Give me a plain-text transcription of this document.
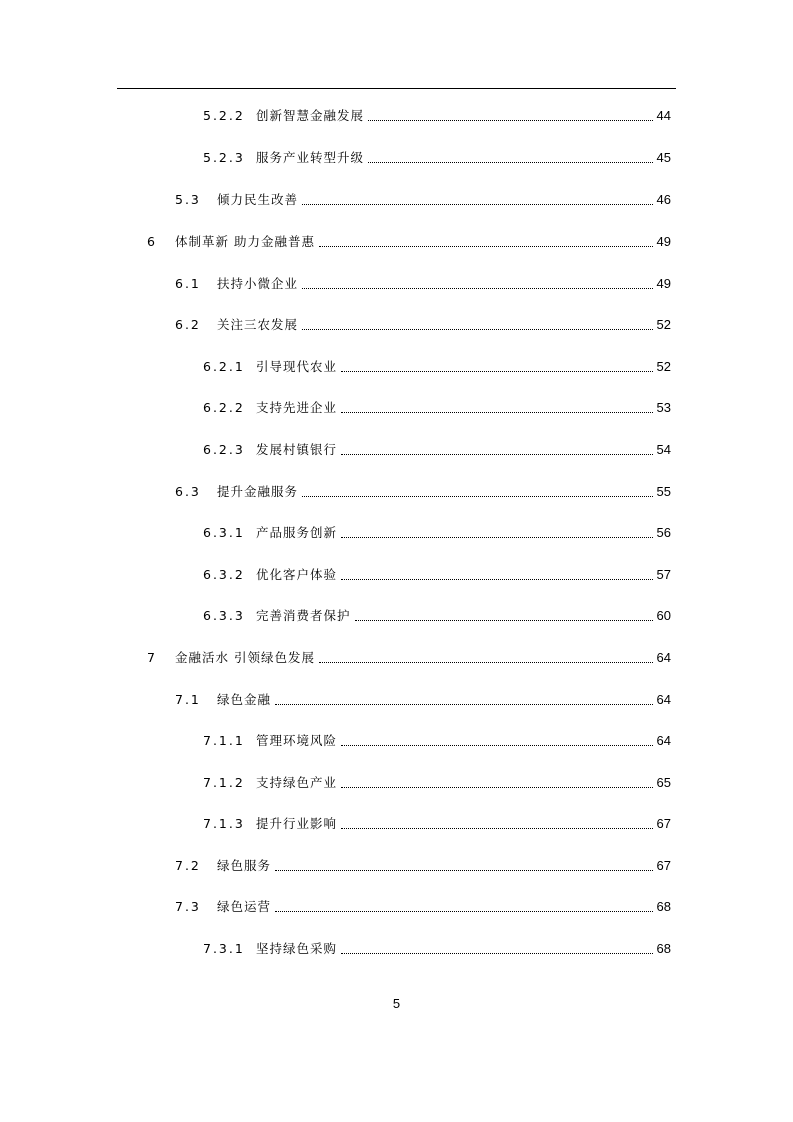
5.2.2 创新智慧金融发展	44
5.2.3 服务产业转型升级	45
5.3	倾力民生改善	46
6	体制革新 助力金融普惠	49
6.1	扶持小微企业	49
6.2	关注三农发展	52
6.2.1 引导现代农业	52
6.2.2 支持先进企业	53
6.2.3 发展村镇银行	54
6.3	提升金融服务	55
6.3.1 产品服务创新	56
6.3.2 优化客户体验	57
6.3.3 完善消费者保护	60
7	金融活水 引领绿色发展	64
7.1	绿色金融	64
7.1.1 管理环境风险	64
7.1.2 支持绿色产业	65
7.1.3 提升行业影响	67
7.2	绿色服务	67
7.3	绿色运营	68
7.3.1 坚持绿色采购	68
5
